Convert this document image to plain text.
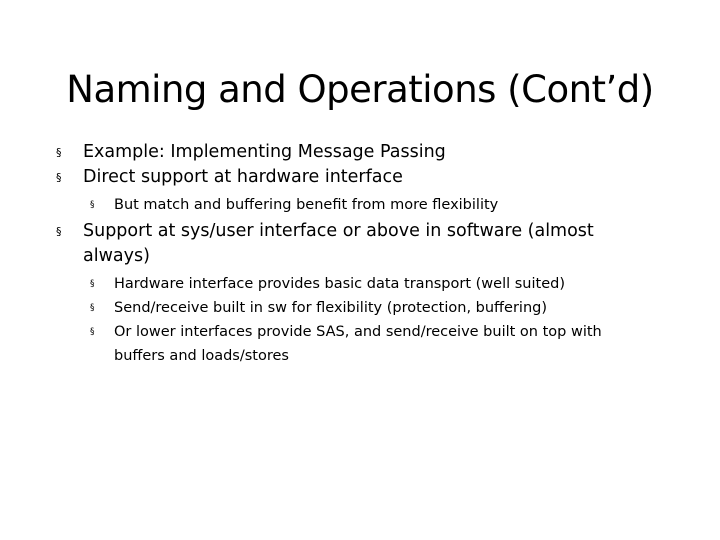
Naming and Operations (Cont’d)
§ Example: Implementing Message Passing
§ Direct support at hardware interface
§ But match and buffering benefit from more flexibility
§ Support at sys/user interface or above in software (almost always)
§ Hardware interface provides basic data transport (well suited)
§ Send/receive built in sw for flexibility (protection, buffering)
§ Or lower interfaces provide SAS, and send/receive built on top with buffers and loads/stores
